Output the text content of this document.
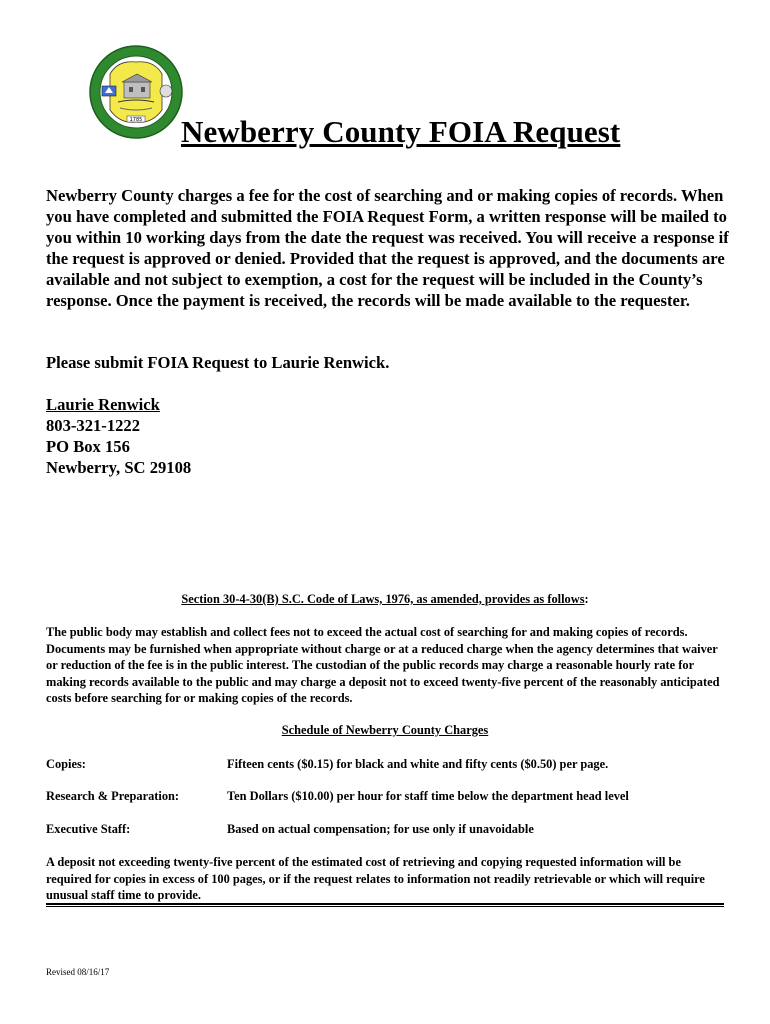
1785 Newberry County FOIA Request

Newberry County charges a fee for the cost of searching and or making copies of records. When you have completed and submitted the FOIA Request Form, a written response will be mailed to you within 10 working days from the date the request was received. You will receive a response if the request is approved or denied. Provided that the request is approved, and the documents are available and not subject to exemption, a cost for the request will be included in the County’s response. Once the payment is received, the records will be made available to the requester.

Please submit FOIA Request to Laurie Renwick.

Laurie Renwick
803-321-1222
PO Box 156
Newberry, SC 29108
Section 30-4-30(B) S.C. Code of Laws, 1976, as amended, provides as follows:

The public body may establish and collect fees not to exceed the actual cost of searching for and making copies of records. Documents may be furnished when appropriate without charge or at a reduced charge when the agency determines that waiver or reduction of the fee is in the public interest. The custodian of the public records may charge a reasonable hourly rate for making records available to the public and may charge a deposit not to exceed twenty-five percent of the reasonably anticipated costs before searching for or making copies of the records.

Schedule of Newberry County Charges
Copies:	Fifteen cents ($0.15) for black and white and fifty cents ($0.50) per page.
Research & Preparation:	Ten Dollars ($10.00) per hour for staff time below the department head level
Executive Staff:	Based on actual compensation; for use only if unavoidable

A deposit not exceeding twenty-five percent of the estimated cost of retrieving and copying requested information will be required for copies in excess of 100 pages, or if the request relates to information not readily retrievable or which will require unusual staff time to provide.

Revised 08/16/17
